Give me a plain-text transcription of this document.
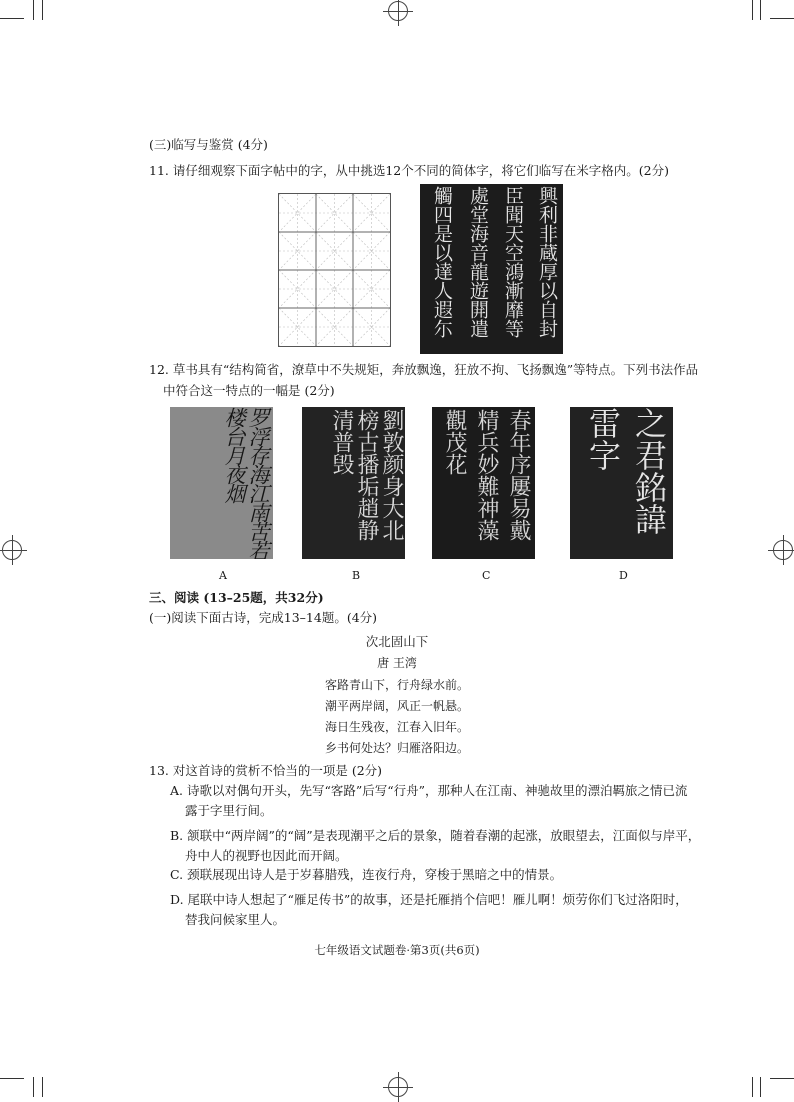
(三)临写与鉴赏 (4分)
11. 请仔细观察下面字帖中的字，从中挑选12个不同的简体字，将它们临写在米字格内。(2分)
興利非蔵厚以自封
臣聞天空鴻漸靡等
處堂海音龍遊䦕遣
觸四是以達人遐尓
12. 草书具有“结构简省，潦草中不失规矩，奔放飘逸，狂放不拘、飞扬飘逸”等特点。下列书法作品
中符合这一特点的一幅是 (2分)
罗浮存海江南苦若楼台月夜烟	劉敦颜身大北榜古播垢趙静清普毁	春年序屢易戴精兵妙難神藻觀茂花	之君銘諱雷字
A	B	C	D
三、阅读 (13–25题，共32分)
(一)阅读下面古诗，完成13–14题。(4分)
次北固山下
唐 王湾
客路青山下，行舟绿水前。
潮平两岸阔，风正一帆悬。
海日生残夜，江春入旧年。
乡书何处达？归雁洛阳边。
13. 对这首诗的赏析不恰当的一项是 (2分)
A. 诗歌以对偶句开头，先写“客路”后写“行舟”，那种人在江南、神驰故里的漂泊羁旅之情已流
露于字里行间。
B. 颔联中“两岸阔”的“阔”是表现潮平之后的景象，随着春潮的起涨，放眼望去，江面似与岸平，
舟中人的视野也因此而开阔。
C. 颈联展现出诗人是于岁暮腊残，连夜行舟，穿梭于黑暗之中的情景。
D. 尾联中诗人想起了“雁足传书”的故事，还是托雁捎个信吧！雁儿啊！烦劳你们飞过洛阳时，
替我问候家里人。
七年级语文试题卷·第3页(共6页)
